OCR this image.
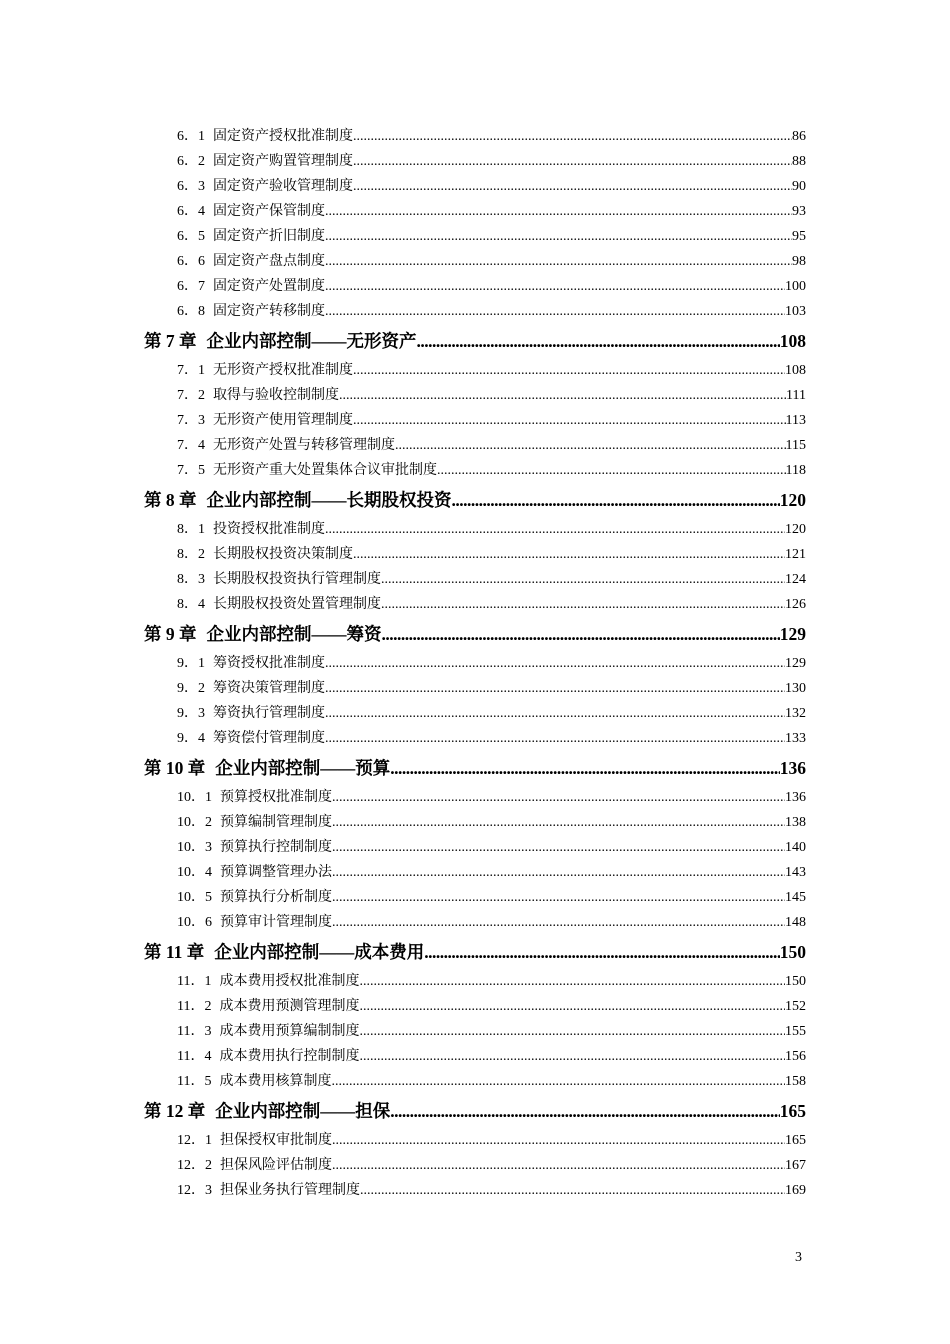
6．1 固定资产授权批准制度 .....	86
6．2 固定资产购置管理制度 .....	88
6．3 固定资产验收管理制度 .....	90
6．4 固定资产保管制度 .....	93
6．5 固定资产折旧制度 .....	95
6．6 固定资产盘点制度 .....	98
6．7 固定资产处置制度 .....	100
6．8 固定资产转移制度 .....	103
第 7 章 企业内部控制——无形资产 .....	108
7．1 无形资产授权批准制度 .....	108
7．2 取得与验收控制制度 .....	111
7．3 无形资产使用管理制度 .....	113
7．4 无形资产处置与转移管理制度 .....	115
7．5 无形资产重大处置集体合议审批制度 .....	118
第 8 章 企业内部控制——长期股权投资 .....	120
8．1 投资授权批准制度 .....	120
8．2 长期股权投资决策制度 .....	121
8．3 长期股权投资执行管理制度 .....	124
8．4 长期股权投资处置管理制度 .....	126
第 9 章 企业内部控制——筹资 .....	129
9．1 筹资授权批准制度 .....	129
9．2 筹资决策管理制度 .....	130
9．3 筹资执行管理制度 .....	132
9．4 筹资偿付管理制度 .....	133
第 10 章 企业内部控制——预算 .....	136
10．1 预算授权批准制度 .....	136
10．2 预算编制管理制度 .....	138
10．3 预算执行控制制度 .....	140
10．4 预算调整管理办法 .....	143
10．5 预算执行分析制度 .....	145
10．6 预算审计管理制度 .....	148
第 11 章 企业内部控制——成本费用 .....	150
11．1 成本费用授权批准制度 .....	150
11．2 成本费用预测管理制度 .....	152
11．3 成本费用预算编制制度 .....	155
11．4 成本费用执行控制制度 .....	156
11．5 成本费用核算制度 .....	158
第 12 章 企业内部控制——担保 .....	165
12．1 担保授权审批制度 .....	165
12．2 担保风险评估制度 .....	167
12．3 担保业务执行管理制度 .....	169
3
